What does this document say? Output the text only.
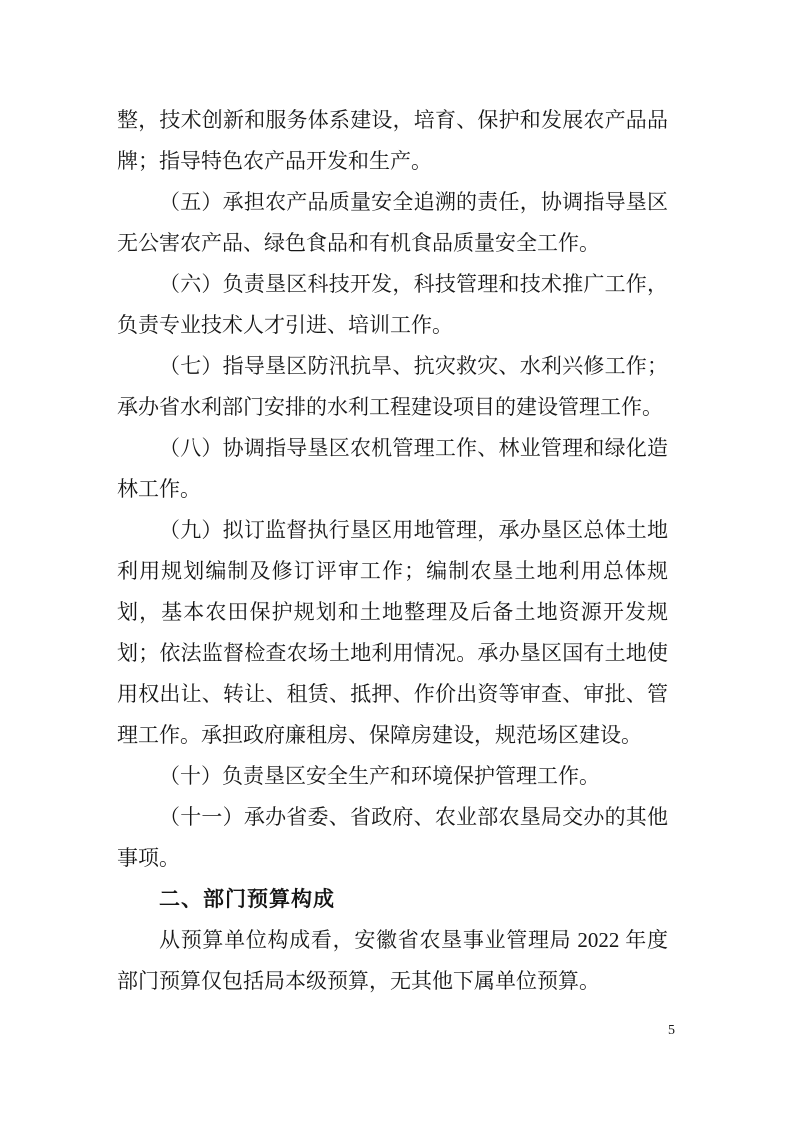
整，技术创新和服务体系建设，培育、保护和发展农产品品牌；指导特色农产品开发和生产。

（五）承担农产品质量安全追溯的责任，协调指导垦区无公害农产品、绿色食品和有机食品质量安全工作。

（六）负责垦区科技开发，科技管理和技术推广工作，负责专业技术人才引进、培训工作。

（七）指导垦区防汛抗旱、抗灾救灾、水利兴修工作；承办省水利部门安排的水利工程建设项目的建设管理工作。

（八）协调指导垦区农机管理工作、林业管理和绿化造林工作。

（九）拟订监督执行垦区用地管理，承办垦区总体土地利用规划编制及修订评审工作；编制农垦土地利用总体规划，基本农田保护规划和土地整理及后备土地资源开发规划；依法监督检查农场土地利用情况。承办垦区国有土地使用权出让、转让、租赁、抵押、作价出资等审查、审批、管理工作。承担政府廉租房、保障房建设，规范场区建设。

（十）负责垦区安全生产和环境保护管理工作。

（十一）承办省委、省政府、农业部农垦局交办的其他事项。

二、部门预算构成

从预算单位构成看，安徽省农垦事业管理局 2022 年度部门预算仅包括局本级预算，无其他下属单位预算。

5
